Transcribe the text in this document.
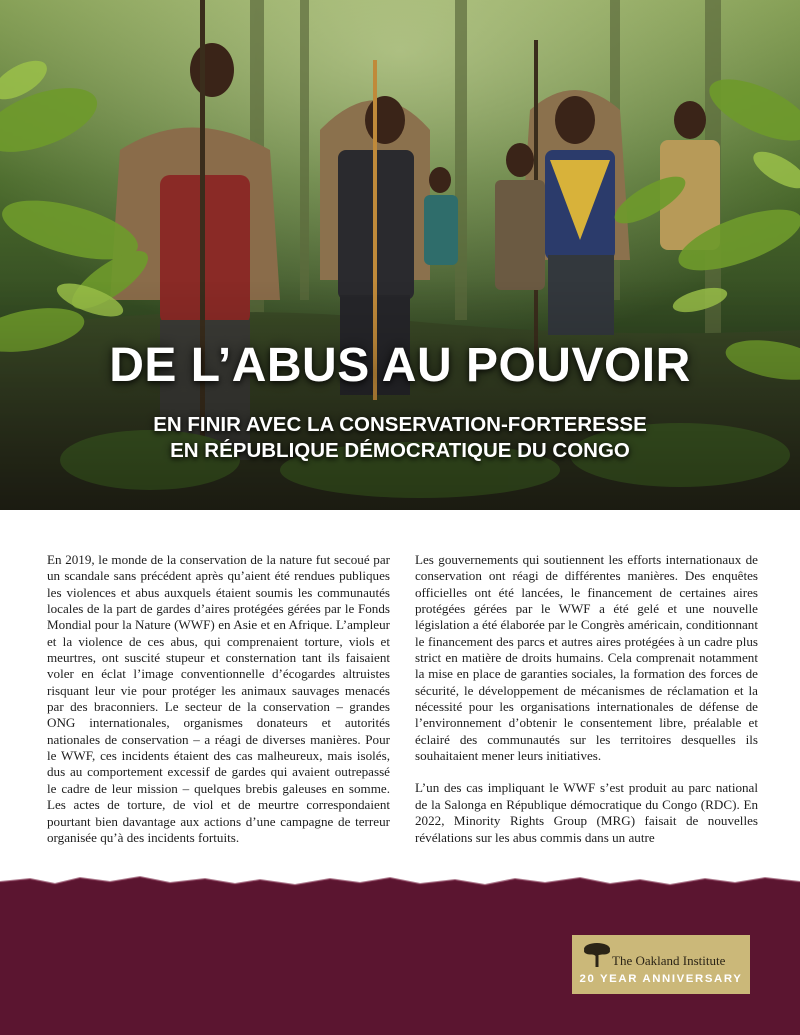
DE L’ABUS AU POUVOIR
EN FINIR AVEC LA CONSERVATION-FORTERESSE
EN RÉPUBLIQUE DÉMOCRATIQUE DU CONGO

En 2019, le monde de la conservation de la nature fut secoué par un scandale sans précédent après qu’aient été rendues publiques les violences et abus auxquels étaient soumis les communautés locales de la part de gardes d’aires protégées gérées par le Fonds Mondial pour la Nature (WWF) en Asie et en Afrique. L’ampleur et la violence de ces abus, qui comprenaient torture, viols et meurtres, ont suscité stupeur et consternation tant ils faisaient voler en éclat l’image conventionnelle d’écogardes altruistes risquant leur vie pour protéger les animaux sauvages menacés par des braconniers. Le secteur de la conservation – grandes ONG internationales, organismes donateurs et autorités nationales de conservation – a réagi de diverses manières. Pour le WWF, ces incidents étaient des cas malheureux, mais isolés, dus au comportement excessif de gardes qui avaient outrepassé le cadre de leur mission – quelques brebis galeuses en somme. Les actes de torture, de viol et de meurtre correspondaient pourtant bien davantage aux actions d’une campagne de terreur organisée qu’à des incidents fortuits.

Les gouvernements qui soutiennent les efforts internationaux de conservation ont réagi de différentes manières. Des enquêtes officielles ont été lancées, le financement de certaines aires protégées gérées par le WWF a été gelé et une nouvelle législation a été élaborée par le Congrès américain, conditionnant le financement des parcs et autres aires protégées à un cadre plus strict en matière de droits humains. Cela comprenait notamment la mise en place de garanties sociales, la formation des forces de sécurité, le développement de mécanismes de réclamation et la nécessité pour les organisations internationales de défense de l’environnement d’obtenir le consentement libre, préalable et éclairé des communautés sur les territoires desquelles ils souhaitaient mener leurs initiatives.

L’un des cas impliquant le WWF s’est produit au parc national de la Salonga en République démocratique du Congo (RDC). En 2022, Minority Rights Group (MRG) faisait de nouvelles révélations sur les abus commis dans un autre

The Oakland Institute
20 YEAR ANNIVERSARY
